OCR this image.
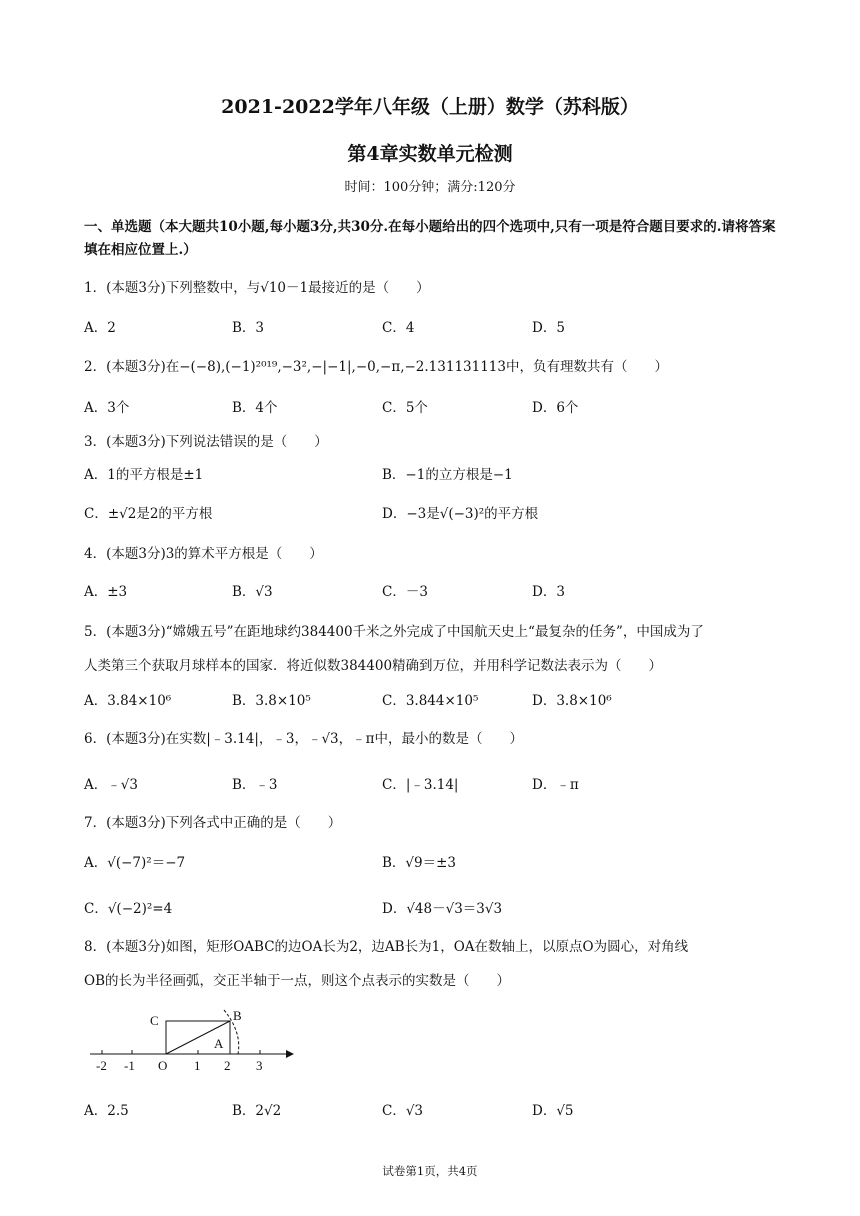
2021-2022学年八年级（上册）数学（苏科版）
第4章实数单元检测
时间：100分钟；满分:120分
一、单选题（本大题共10小题,每小题3分,共30分.在每小题给出的四个选项中,只有一项是符合题目要求的.请将答案填在相应位置上.）
1．(本题3分)下列整数中，与√10－1最接近的是（　　）
A．2	B．3	C．4	D．5
2．(本题3分)在−(−8),(−1)²⁰¹⁹,−3²,−|−1|,−0,−π,−2.131131113中，负有理数共有（　　）
A．3个	B．4个	C．5个	D．6个
3．(本题3分)下列说法错误的是（　　）
A．1的平方根是±1	B．−1的立方根是−1
C．±√2是2的平方根	D．−3是√(−3)²的平方根
4．(本题3分)3的算术平方根是（　　）
A．±3	B．√3	C．－3	D．3
5．(本题3分)“嫦娥五号”在距地球约384400千米之外完成了中国航天史上“最复杂的任务”，中国成为了
人类第三个获取月球样本的国家．将近似数384400精确到万位，并用科学记数法表示为（　　）
A．3.84×10⁶	B．3.8×10⁵	C．3.844×10⁵	D．3.8×10⁶
6．(本题3分)在实数|﹣3.14|，﹣3，﹣√3，﹣π中，最小的数是（　　）
A．﹣√3	B．﹣3	C．|﹣3.14|	D．﹣π
7．(本题3分)下列各式中正确的是（　　）
A．√(−7)²＝−7	B．√9＝±3
C．√(−2)²=4	D．√48－√3＝3√3
8．(本题3分)如图，矩形OABC的边OA长为2，边AB长为1，OA在数轴上，以原点O为圆心，对角线
OB的长为半径画弧，交正半轴于一点，则这个点表示的实数是（　　）
C	B
A
-2 -1 O 1 2 3
A．2.5	B．2√2	C．√3	D．√5
试卷第1页，共4页
